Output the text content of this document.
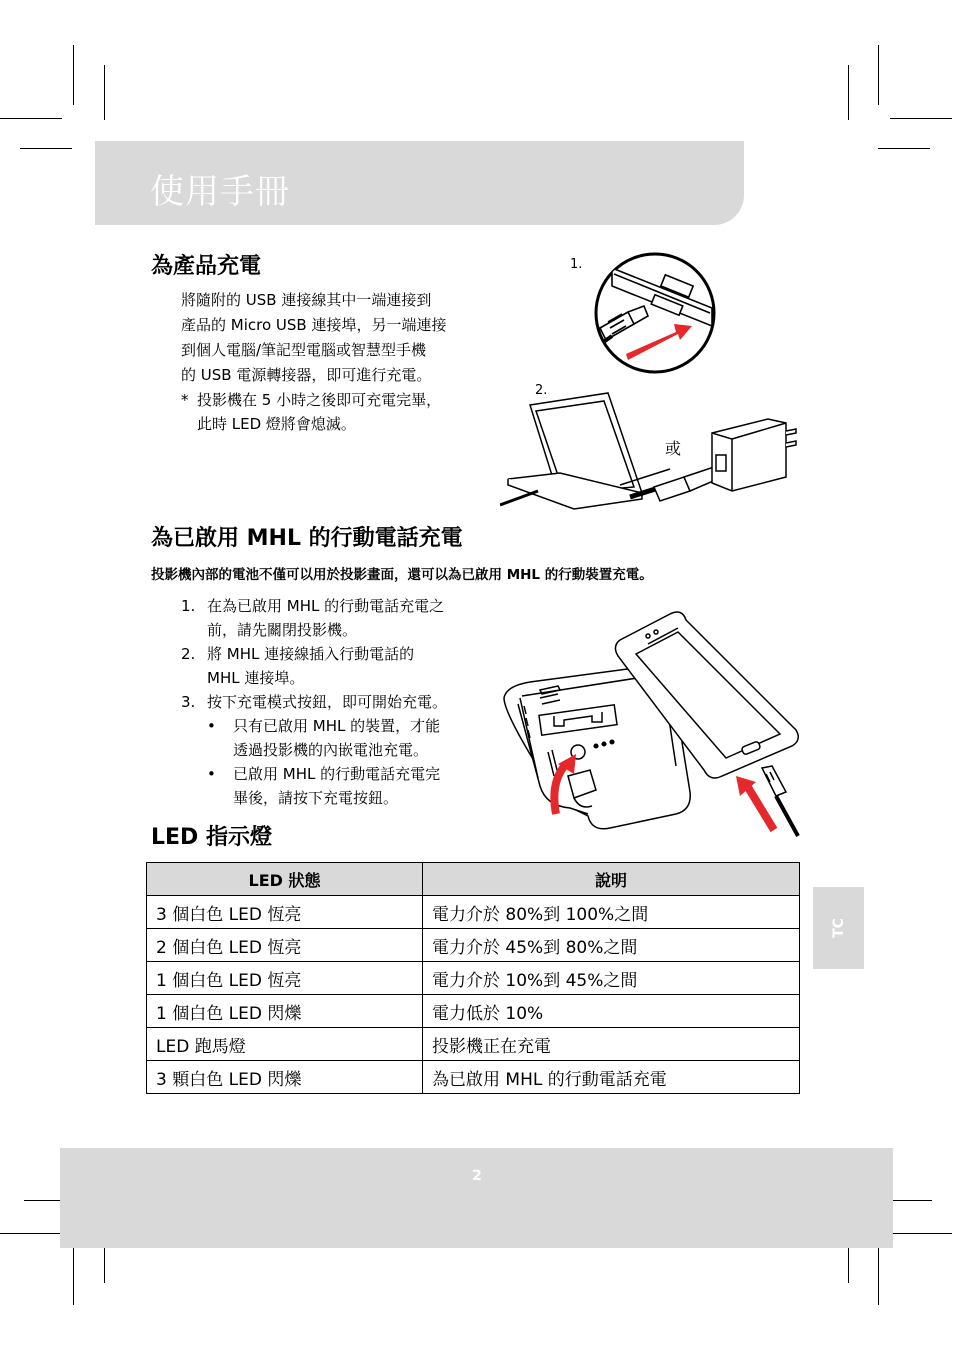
使用手冊
為產品充電

將隨附的 USB 連接線其中一端連接到

產品的 Micro USB 連接埠，另一端連接

到個人電腦/筆記型電腦或智慧型手機

的 USB 電源轉接器，即可進行充電。

* 投影機在 5 小時之後即可充電完畢，
此時 LED 燈將會熄滅。
1.
2.
或
為已啟用 MHL 的行動電話充電
投影機內部的電池不僅可以用於投影畫面，還可以為已啟用 MHL 的行動裝置充電。
1. 在為已啟用 MHL 的行動電話充電之
前，請先關閉投影機。
2. 將 MHL 連接線插入行動電話的
MHL 連接埠。
3. 按下充電模式按鈕，即可開始充電。
• 只有已啟用 MHL 的裝置，才能
透過投影機的內嵌電池充電。
• 已啟用 MHL 的行動電話充電完
畢後，請按下充電按鈕。
LED 指示燈
LED 狀態	說明
3 個白色 LED 恆亮	電力介於 80%到 100%之間
2 個白色 LED 恆亮	電力介於 45%到 80%之間
1 個白色 LED 恆亮	電力介於 10%到 45%之間
1 個白色 LED 閃爍	電力低於 10%
LED 跑馬燈	投影機正在充電
3 顆白色 LED 閃爍	為已啟用 MHL 的行動電話充電
TC
2
